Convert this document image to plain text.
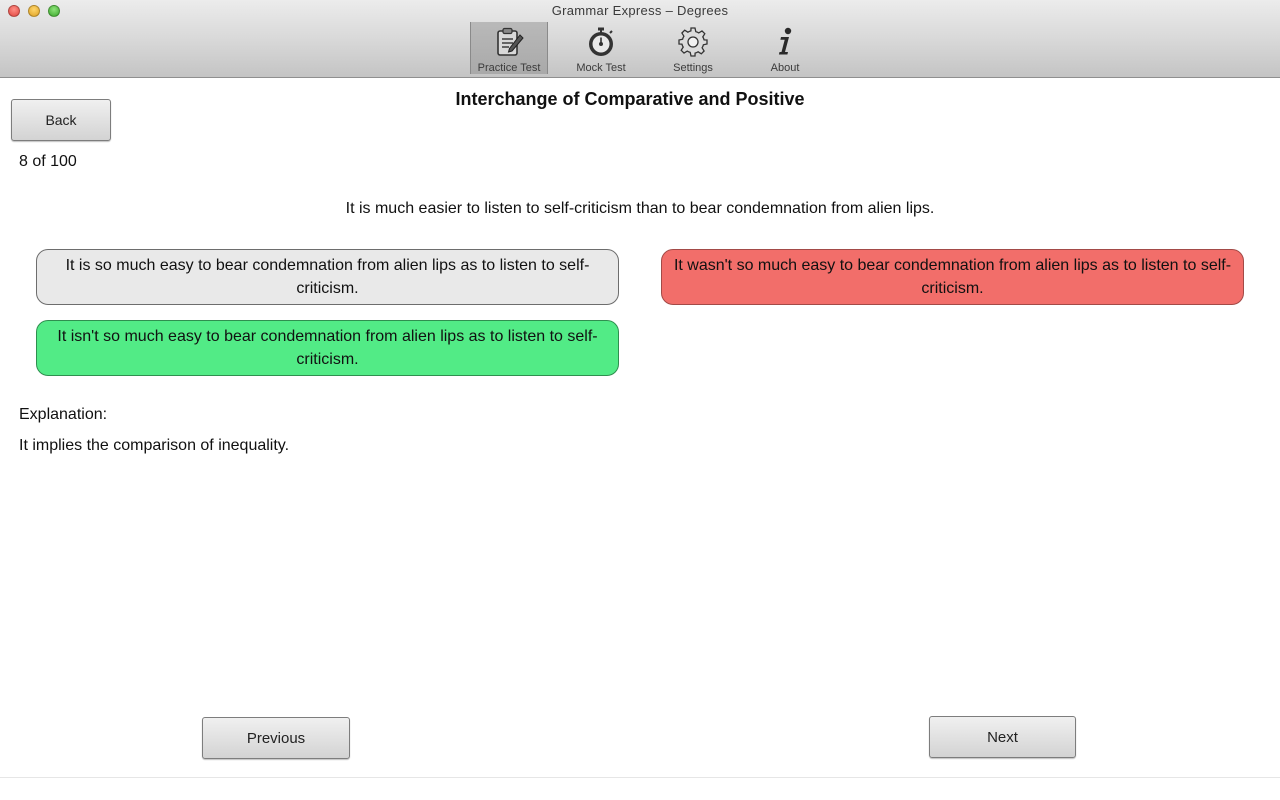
Grammar Express – Degrees
Practice Test	Mock Test	Settings	About
Back
Interchange of Comparative and Positive
8 of 100
It is much easier to listen to self-criticism than to bear condemnation from alien lips.
It is so much easy to bear condemnation from alien lips as to listen to self-criticism.
It wasn't so much easy to bear condemnation from alien lips as to listen to self-criticism.
It isn't so much easy to bear condemnation from alien lips as to listen to self-criticism.
Explanation:
It implies the comparison of inequality.
Previous	Next
